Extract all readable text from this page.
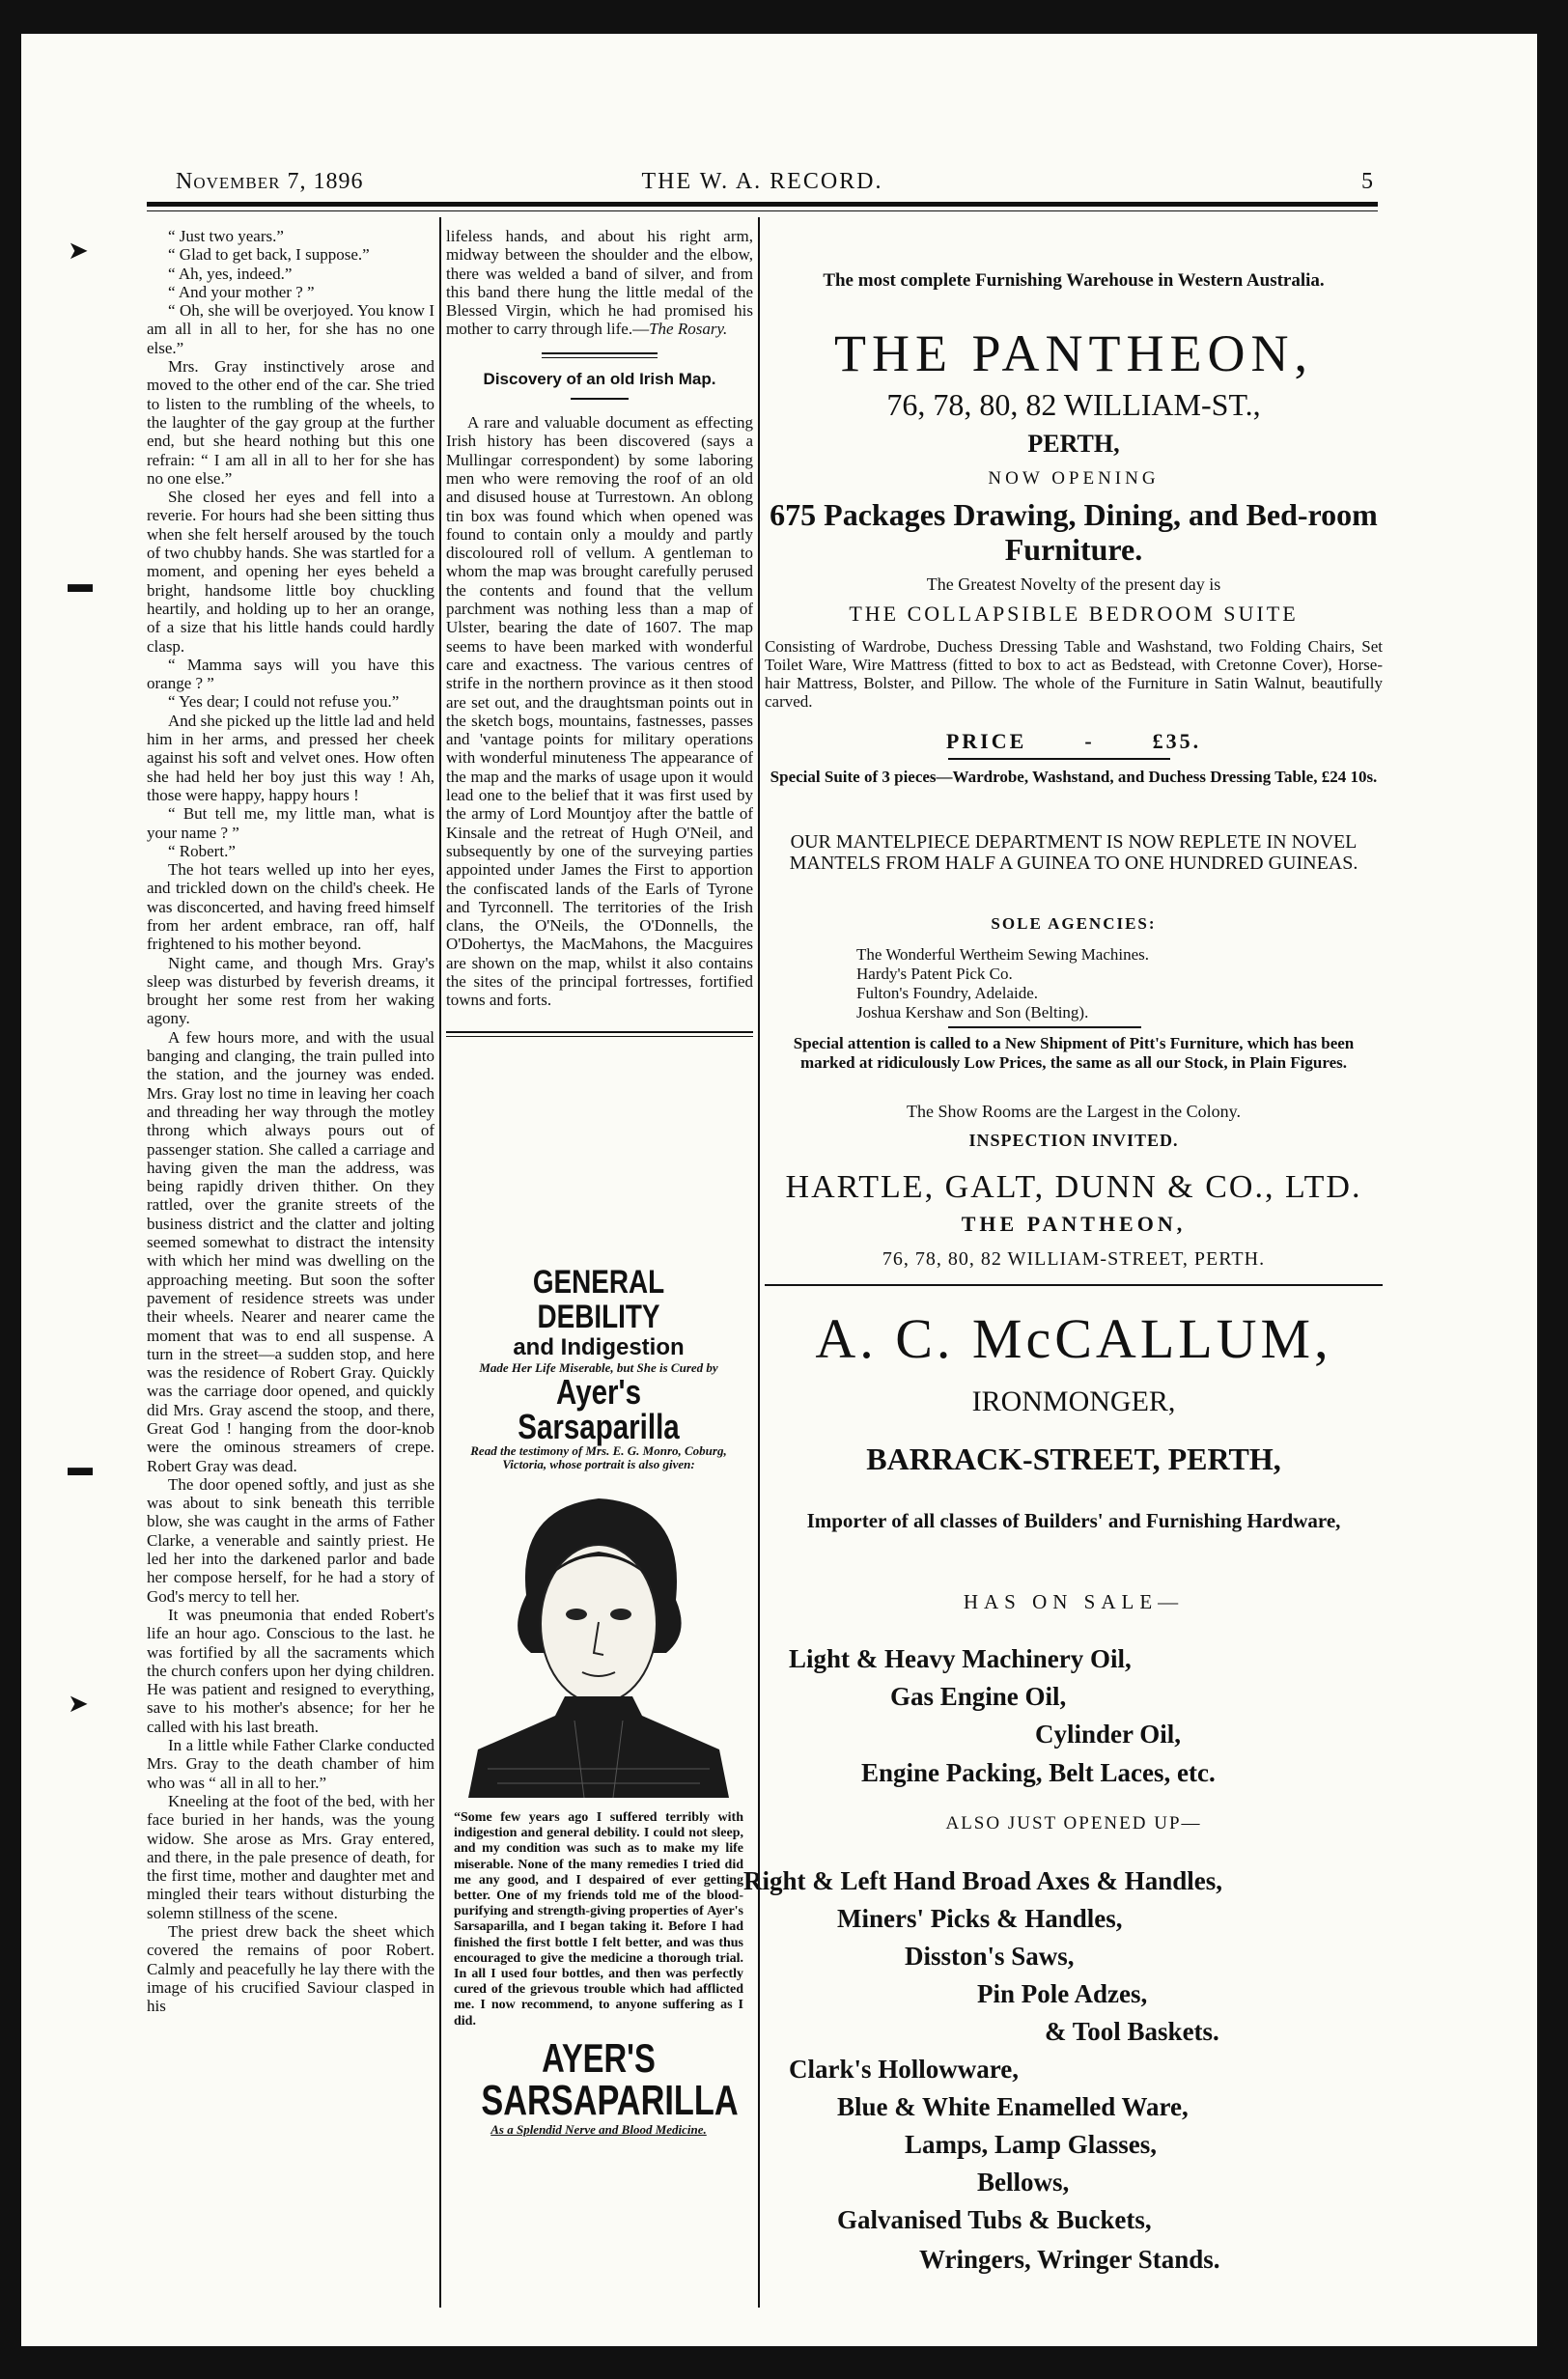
November 7, 1896	THE W. A. RECORD.	5
➤
▬
▬
➤

“ Just two years.”

“ Glad to get back, I suppose.”

“ Ah, yes, indeed.”

“ And your mother ? ”

“ Oh, she will be overjoyed. You know I am all in all to her, for she has no one else.”

Mrs. Gray instinctively arose and moved to the other end of the car. She tried to listen to the rumbling of the wheels, to the laughter of the gay group at the further end, but she heard nothing but this one refrain: “ I am all in all to her for she has no one else.”

She closed her eyes and fell into a reverie. For hours had she been sitting thus when she felt herself aroused by the touch of two chubby hands. She was startled for a moment, and opening her eyes beheld a bright, handsome little boy chuckling heartily, and holding up to her an orange, of a size that his little hands could hardly clasp.

“ Mamma says will you have this orange ? ”

“ Yes dear; I could not refuse you.”

And she picked up the little lad and held him in her arms, and pressed her cheek against his soft and velvet ones. How often she had held her boy just this way ! Ah, those were happy, happy hours !

“ But tell me, my little man, what is your name ? ”

“ Robert.”

The hot tears welled up into her eyes, and trickled down on the child's cheek. He was disconcerted, and having freed himself from her ardent embrace, ran off, half frightened to his mother beyond.

Night came, and though Mrs. Gray's sleep was disturbed by feverish dreams, it brought her some rest from her waking agony.

A few hours more, and with the usual banging and clanging, the train pulled into the station, and the journey was ended. Mrs. Gray lost no time in leaving her coach and threading her way through the motley throng which always pours out of passenger station. She called a carriage and having given the man the address, was being rapidly driven thither. On they rattled, over the granite streets of the business district and the clatter and jolting seemed somewhat to distract the intensity with which her mind was dwelling on the approaching meeting. But soon the softer pavement of residence streets was under their wheels. Nearer and nearer came the moment that was to end all suspense. A turn in the street—a sudden stop, and here was the residence of Robert Gray. Quickly was the carriage door opened, and quickly did Mrs. Gray ascend the stoop, and there, Great God ! hanging from the door-knob were the ominous streamers of crepe. Robert Gray was dead.

The door opened softly, and just as she was about to sink beneath this terrible blow, she was caught in the arms of Father Clarke, a venerable and saintly priest. He led her into the darkened parlor and bade her compose herself, for he had a story of God's mercy to tell her.

It was pneumonia that ended Robert's life an hour ago. Conscious to the last. he was fortified by all the sacraments which the church confers upon her dying children. He was patient and resigned to everything, save to his mother's absence; for her he called with his last breath.

In a little while Father Clarke conducted Mrs. Gray to the death chamber of him who was “ all in all to her.”

Kneeling at the foot of the bed, with her face buried in her hands, was the young widow. She arose as Mrs. Gray entered, and there, in the pale presence of death, for the first time, mother and daughter met and mingled their tears without disturbing the solemn stillness of the scene.

The priest drew back the sheet which covered the remains of poor Robert. Calmly and peacefully he lay there with the image of his crucified Saviour clasped in his

lifeless hands, and about his right arm, midway between the shoulder and the elbow, there was welded a band of silver, and from this band there hung the little medal of the Blessed Virgin, which he had promised his mother to carry through life.—The Rosary.

Discovery of an old Irish Map.

A rare and valuable document as effecting Irish history has been discovered (says a Mullingar correspondent) by some laboring men who were removing the roof of an old and disused house at Turrestown. An oblong tin box was found which when opened was found to contain only a mouldy and partly discoloured roll of vellum. A gentleman to whom the map was brought carefully perused the contents and found that the vellum parchment was nothing less than a map of Ulster, bearing the date of 1607. The map seems to have been marked with wonderful care and exactness. The various centres of strife in the northern province as it then stood are set out, and the draughtsman points out in the sketch bogs, mountains, fastnesses, passes and 'vantage points for military operations with wonderful minuteness The appearance of the map and the marks of usage upon it would lead one to the belief that it was first used by the army of Lord Mountjoy after the battle of Kinsale and the retreat of Hugh O'Neil, and subsequently by one of the surveying parties appointed under James the First to apportion the confiscated lands of the Earls of Tyrone and Tyrconnell. The territories of the Irish clans, the O'Neils, the O'Donnells, the O'Dohertys, the MacMahons, the Macguires are shown on the map, whilst it also contains the sites of the principal fortresses, fortified towns and forts.

GENERAL DEBILITY
and Indigestion
Made Her Life Miserable, but She is Cured by
Ayer's Sarsaparilla
Read the testimony of Mrs. E. G. Monro, Coburg, Victoria, whose portrait is also given:
“Some few years ago I suffered terribly with indigestion and general debility. I could not sleep, and my condition was such as to make my life miserable. None of the many remedies I tried did me any good, and I despaired of ever getting better. One of my friends told me of the blood-purifying and strength-giving properties of Ayer's Sarsaparilla, and I began taking it. Before I had finished the first bottle I felt better, and was thus encouraged to give the medicine a thorough trial. In all I used four bottles, and then was perfectly cured of the grievous trouble which had afflicted me. I now recommend, to anyone suffering as I did.
AYER'S
SARSAPARILLA
As a Splendid Nerve and Blood Medicine.
The most complete Furnishing Warehouse in Western Australia.
THE PANTHEON,
76, 78, 80, 82 WILLIAM-ST.,
PERTH,
NOW OPENING
675 Packages Drawing, Dining, and Bed-room Furniture.
The Greatest Novelty of the present day is
THE COLLAPSIBLE BEDROOM SUITE
Consisting of Wardrobe, Duchess Dressing Table and Washstand, two Folding Chairs, Set Toilet Ware, Wire Mattress (fitted to box to act as Bedstead, with Cretonne Cover), Horse-hair Mattress, Bolster, and Pillow. The whole of the Furniture in Satin Walnut, beautifully carved.
PRICE	-	£35.
Special Suite of 3 pieces—Wardrobe, Washstand, and Duchess Dressing Table, £24 10s.
OUR MANTELPIECE DEPARTMENT IS NOW REPLETE IN NOVEL MANTELS FROM HALF A GUINEA TO ONE HUNDRED GUINEAS.
SOLE AGENCIES:
The Wonderful Wertheim Sewing Machines.
Hardy's Patent Pick Co.
Fulton's Foundry, Adelaide.
Joshua Kershaw and Son (Belting).
Special attention is called to a New Shipment of Pitt's Furniture, which has been marked at ridiculously Low Prices, the same as all our Stock, in Plain Figures.
The Show Rooms are the Largest in the Colony.
INSPECTION INVITED.
HARTLE, GALT, DUNN & CO., LTD.
THE PANTHEON,
76, 78, 80, 82 WILLIAM-STREET, PERTH.
A. C. McCALLUM,
IRONMONGER,
BARRACK-STREET, PERTH,
Importer of all classes of Builders' and Furnishing Hardware,
HAS ON SALE—
Light & Heavy Machinery Oil,
Gas Engine Oil,
Cylinder Oil,
Engine Packing, Belt Laces, etc.
ALSO JUST OPENED UP—
Right & Left Hand Broad Axes & Handles,
Miners' Picks & Handles,
Disston's Saws,
Pin Pole Adzes,
& Tool Baskets.
Clark's Hollowware,
Blue & White Enamelled Ware,
Lamps, Lamp Glasses,
Bellows,
Galvanised Tubs & Buckets,
Wringers, Wringer Stands.
